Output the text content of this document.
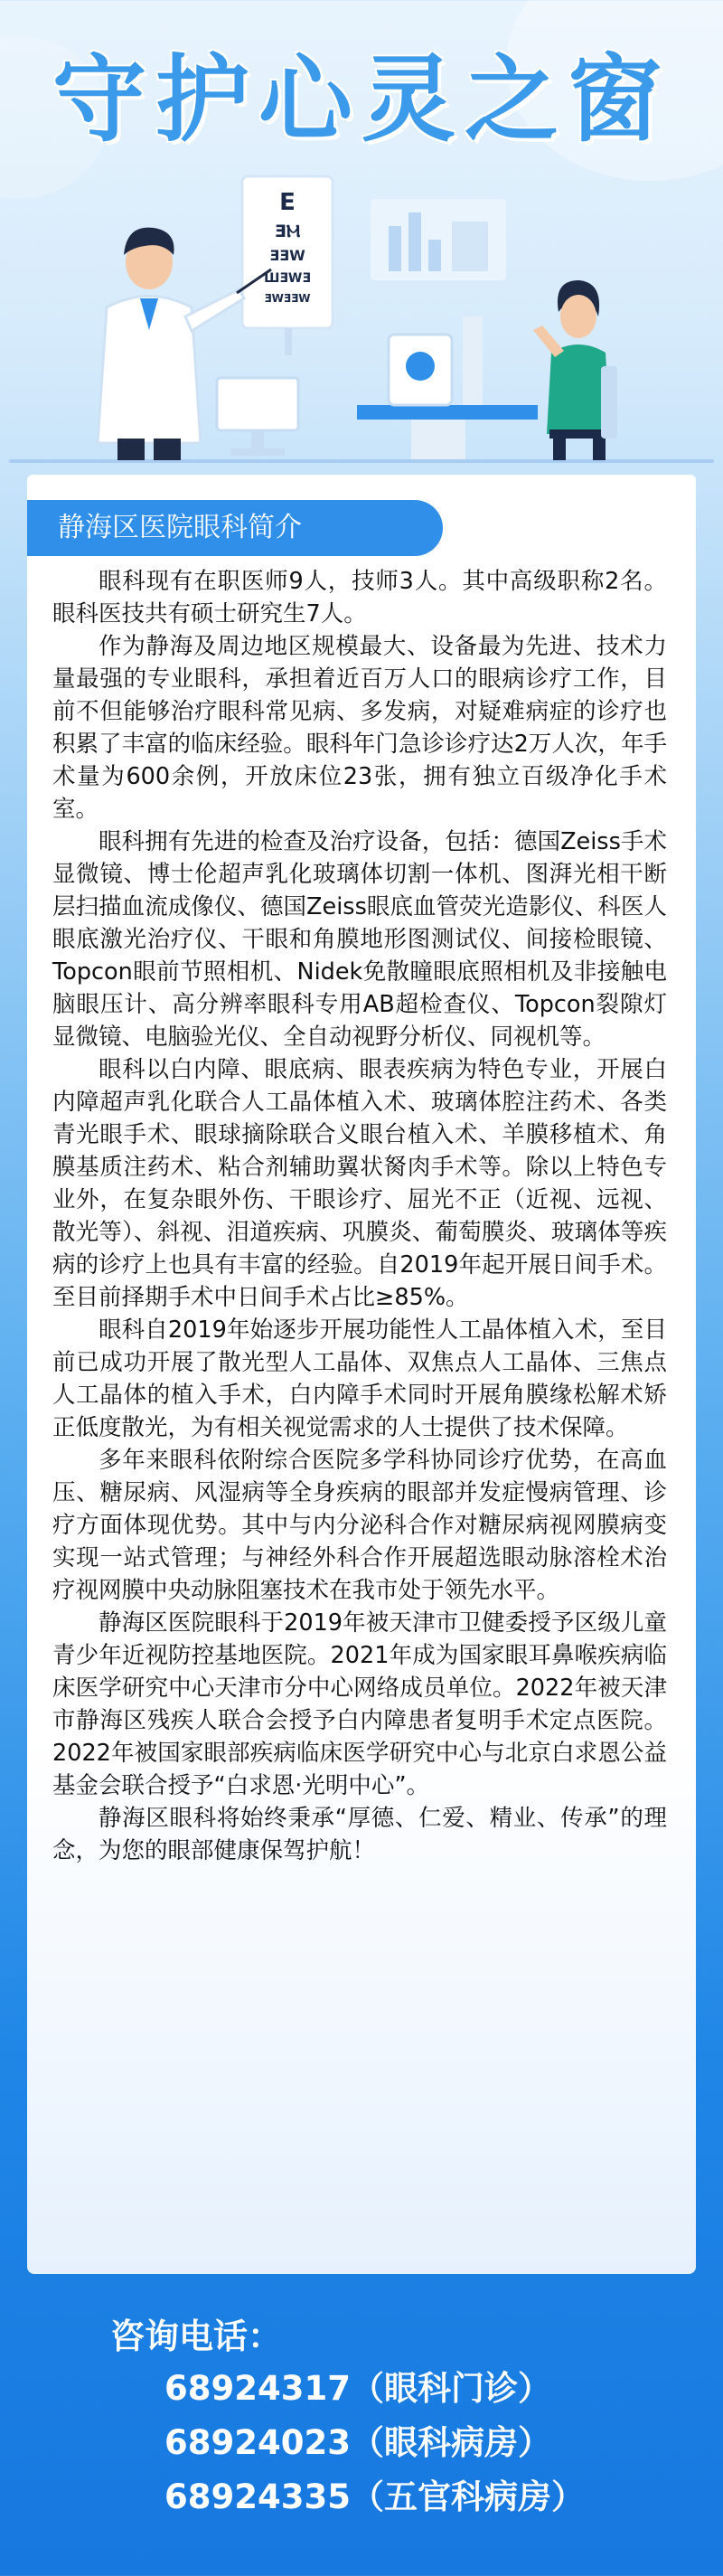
守护心灵之窗
E
ƎⲘ
ƎƎW
ШƎWƎ
ƎWƎƎW
静海区医院眼科简介

眼科现有在职医师9人，技师3人。其中高级职称2名。眼科医技共有硕士研究生7人。

作为静海及周边地区规模最大、设备最为先进、技术力量最强的专业眼科，承担着近百万人口的眼病诊疗工作，目前不但能够治疗眼科常见病、多发病，对疑难病症的诊疗也积累了丰富的临床经验。眼科年门急诊诊疗达2万人次，年手术量为600余例，开放床位23张，拥有独立百级净化手术室。

眼科拥有先进的检查及治疗设备，包括：德国Zeiss手术显微镜、博士伦超声乳化玻璃体切割一体机、图湃光相干断层扫描血流成像仪、德国Zeiss眼底血管荧光造影仪、科医人眼底激光治疗仪、干眼和角膜地形图测试仪、间接检眼镜、Topcon眼前节照相机、Nidek免散瞳眼底照相机及非接触电脑眼压计、高分辨率眼科专用AB超检查仪、Topcon裂隙灯显微镜、电脑验光仪、全自动视野分析仪、同视机等。

眼科以白内障、眼底病、眼表疾病为特色专业，开展白内障超声乳化联合人工晶体植入术、玻璃体腔注药术、各类青光眼手术、眼球摘除联合义眼台植入术、羊膜移植术、角膜基质注药术、粘合剂辅助翼状胬肉手术等。除以上特色专业外，在复杂眼外伤、干眼诊疗、屈光不正（近视、远视、散光等）、斜视、泪道疾病、巩膜炎、葡萄膜炎、玻璃体等疾病的诊疗上也具有丰富的经验。自2019年起开展日间手术。至目前择期手术中日间手术占比≥85%。

眼科自2019年始逐步开展功能性人工晶体植入术，至目前已成功开展了散光型人工晶体、双焦点人工晶体、三焦点人工晶体的植入手术，白内障手术同时开展角膜缘松解术矫正低度散光，为有相关视觉需求的人士提供了技术保障。

多年来眼科依附综合医院多学科协同诊疗优势，在高血压、糖尿病、风湿病等全身疾病的眼部并发症慢病管理、诊疗方面体现优势。其中与内分泌科合作对糖尿病视网膜病变实现一站式管理；与神经外科合作开展超选眼动脉溶栓术治疗视网膜中央动脉阻塞技术在我市处于领先水平。

静海区医院眼科于2019年被天津市卫健委授予区级儿童青少年近视防控基地医院。2021年成为国家眼耳鼻喉疾病临床医学研究中心天津市分中心网络成员单位。2022年被天津市静海区残疾人联合会授予白内障患者复明手术定点医院。2022年被国家眼部疾病临床医学研究中心与北京白求恩公益基金会联合授予“白求恩·光明中心”。

静海区眼科将始终秉承“厚德、仁爱、精业、传承”的理念，为您的眼部健康保驾护航！

咨询电话：
68924317（眼科门诊）
68924023（眼科病房）
68924335（五官科病房）
